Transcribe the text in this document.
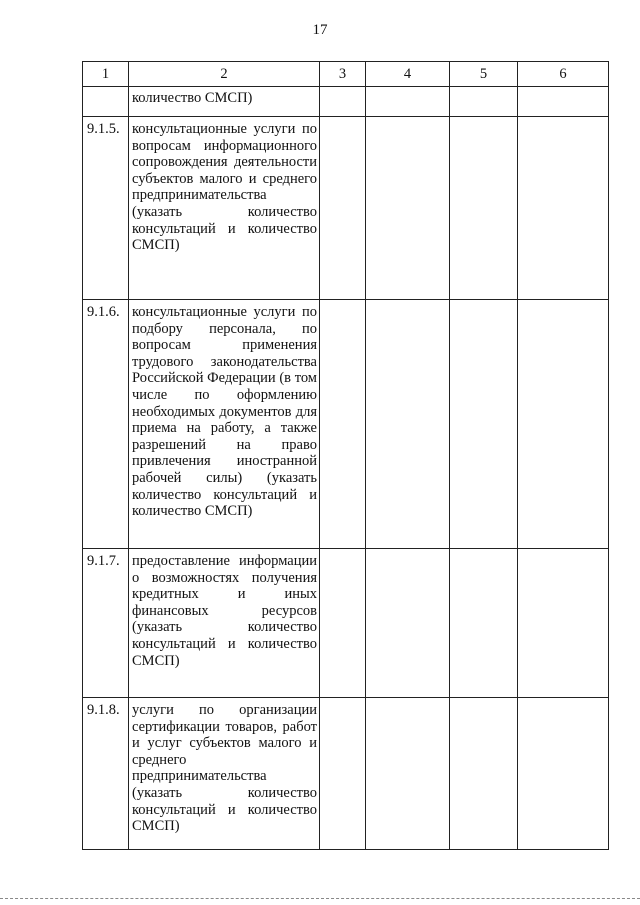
17
1	2	3	4	5	6
	количество СМСП)				
9.1.5.	консультационные услуги по вопросам информационного сопровождения деятельности субъектов малого и среднего предпринимательства (указать количество консультаций и количество СМСП)				
9.1.6.	консультационные услуги по подбору персонала, по вопросам применения трудового законодательства Российской Федерации (в том числе по оформлению необходимых документов для приема на работу, а также разрешений на право привлечения иностранной рабочей силы) (указать количество консультаций и количество СМСП)				
9.1.7.	предоставление информации о возможностях получения кредитных и иных финансовых ресурсов (указать количество консультаций и количество СМСП)				
9.1.8.	услуги по организации сертификации товаров, работ и услуг субъектов малого и среднего предпринимательства (указать количество консультаций и количество СМСП)				
